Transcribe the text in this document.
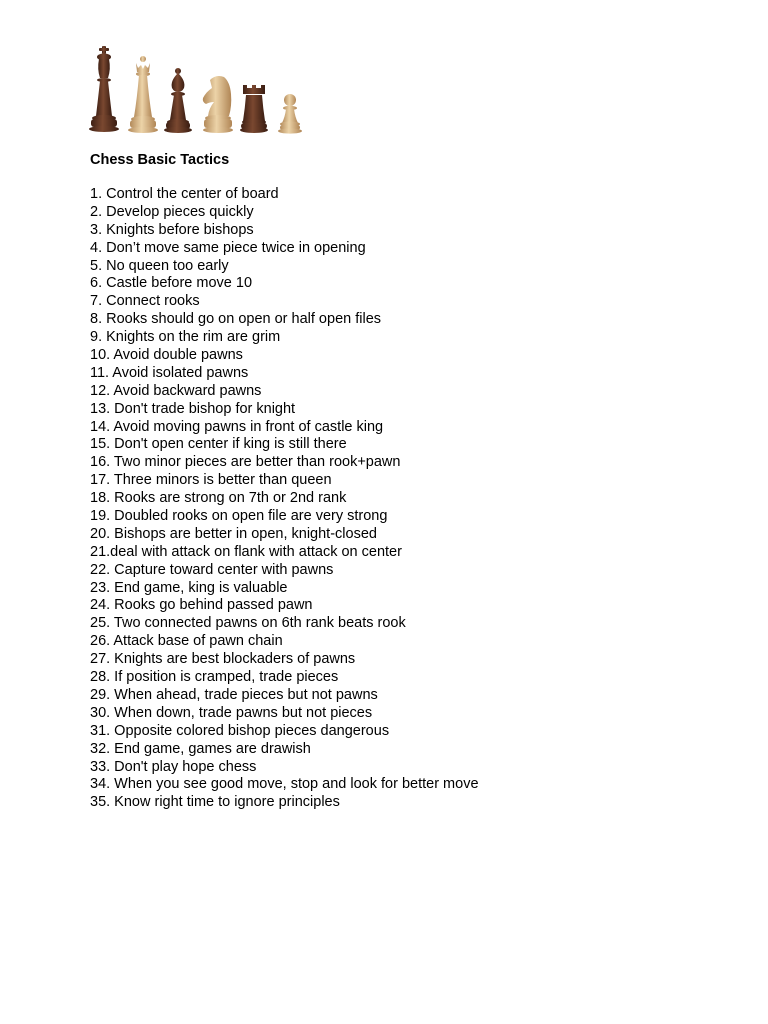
Chess Basic Tactics
1. Control the center of board
2. Develop pieces quickly
3. Knights before bishops
4. Don’t move same piece twice in opening
5. No queen too early
6. Castle before move 10
7. Connect rooks
8. Rooks should go on open or half open files
9. Knights on the rim are grim
10. Avoid double pawns
11. Avoid isolated pawns
12. Avoid backward pawns
13. Don't trade bishop for knight
14. Avoid moving pawns in front of castle king
15. Don't open center if king is still there
16. Two minor pieces are better than rook+pawn
17. Three minors is better than queen
18. Rooks are strong on 7th or 2nd rank
19. Doubled rooks on open file are very strong
20. Bishops are better in open, knight-closed
21.deal with attack on flank with attack on center
22. Capture toward center with pawns
23. End game, king is valuable
24. Rooks go behind passed pawn
25. Two connected pawns on 6th rank beats rook
26. Attack base of pawn chain
27. Knights are best blockaders of pawns
28. If position is cramped, trade pieces
29. When ahead, trade pieces but not pawns
30. When down, trade pawns but not pieces
31. Opposite colored bishop pieces dangerous
32. End game, games are drawish
33. Don't play hope chess
34. When you see good move, stop and look for better move
35. Know right time to ignore principles
